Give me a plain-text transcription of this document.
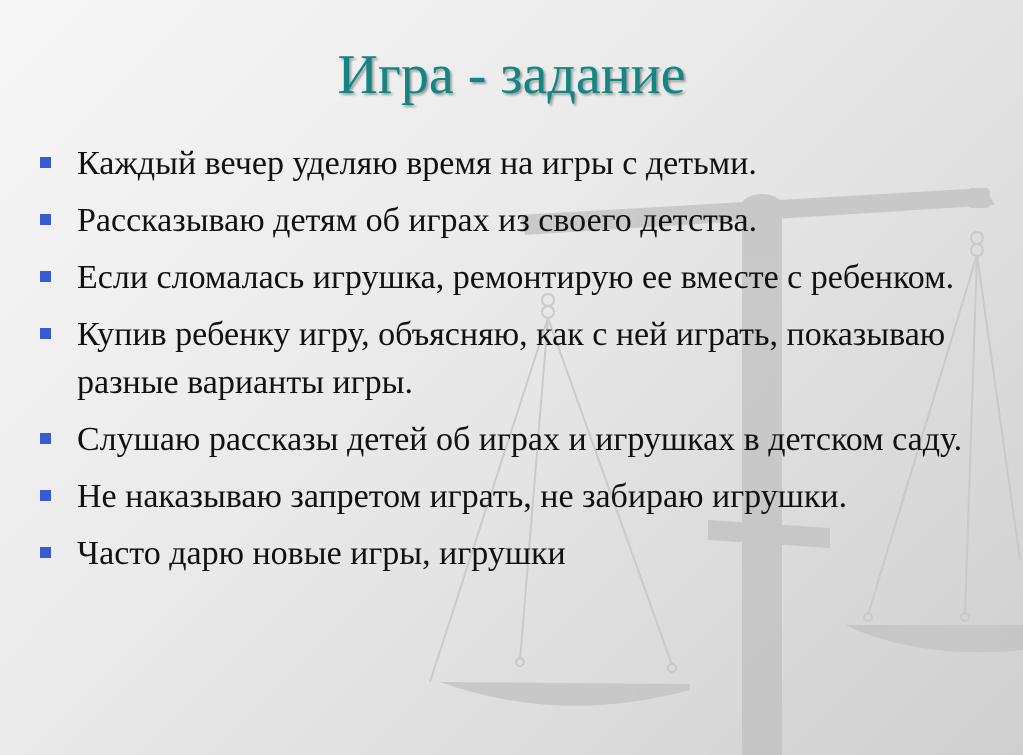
Игра - задание
Каждый вечер уделяю время на игры с детьми.
Рассказываю детям об играх из своего детства.
Если сломалась игрушка, ремонтирую ее вместе с ребенком.
Купив ребенку игру, объясняю, как с ней играть, показываю разные варианты игры.
Слушаю рассказы детей об играх и игрушках в детском саду.
Не наказываю запретом играть, не забираю игрушки.
Часто дарю новые игры, игрушки
